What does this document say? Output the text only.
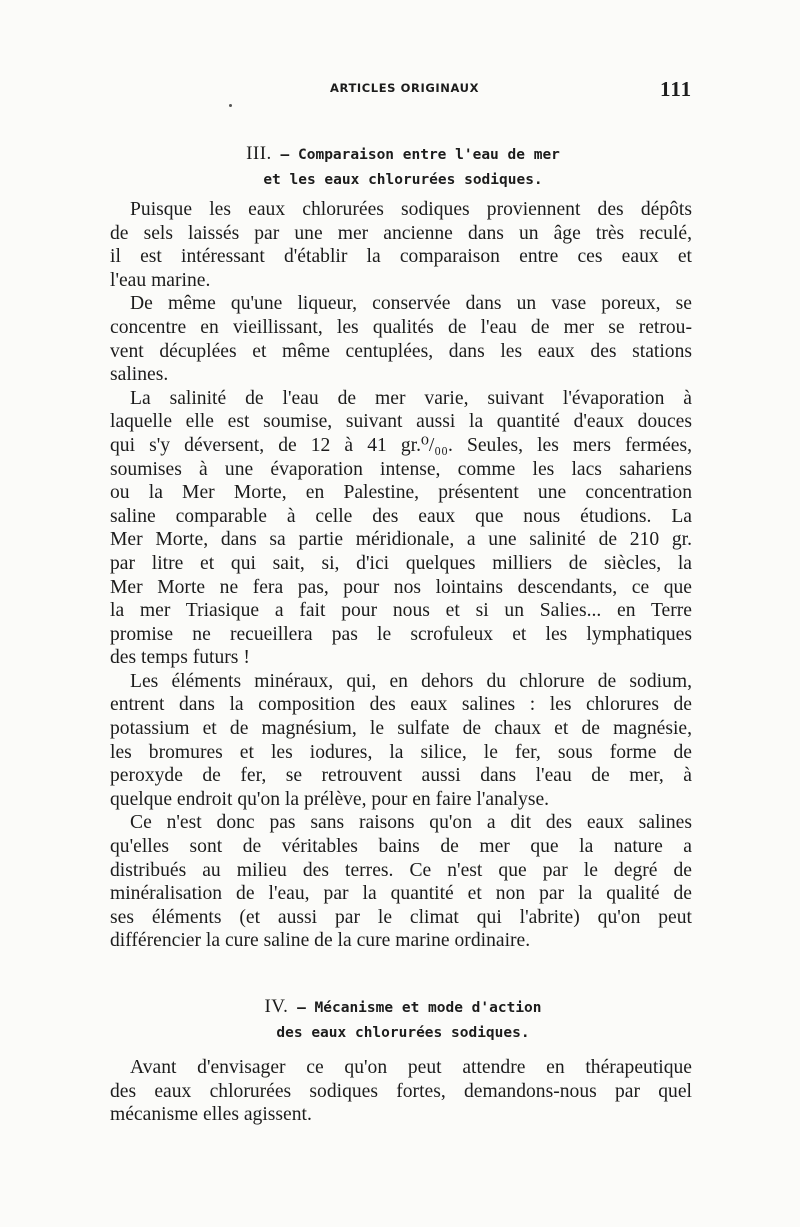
ARTICLES ORIGINAUX	111
III. — Comparaison entre l'eau de mer
et les eaux chlorurées sodiques.

Puisque les eaux chlorurées sodiques proviennent des dépôts
de sels laissés par une mer ancienne dans un âge très reculé,
il est intéressant d'établir la comparaison entre ces eaux et
l'eau marine.

De même qu'une liqueur, conservée dans un vase poreux, se
concentre en vieillissant, les qualités de l'eau de mer se retrou-
vent décuplées et même centuplées, dans les eaux des stations
salines.

La salinité de l'eau de mer varie, suivant l'évaporation à
laquelle elle est soumise, suivant aussi la quantité d'eaux douces
qui s'y déversent, de 12 à 41 gr.⁰/₀₀. Seules, les mers fermées,
soumises à une évaporation intense, comme les lacs sahariens
ou la Mer Morte, en Palestine, présentent une concentration
saline comparable à celle des eaux que nous étudions. La
Mer Morte, dans sa partie méridionale, a une salinité de 210 gr.
par litre et qui sait, si, d'ici quelques milliers de siècles, la
Mer Morte ne fera pas, pour nos lointains descendants, ce que
la mer Triasique a fait pour nous et si un Salies... en Terre
promise ne recueillera pas le scrofuleux et les lymphatiques
des temps futurs !

Les éléments minéraux, qui, en dehors du chlorure de sodium,
entrent dans la composition des eaux salines : les chlorures de
potassium et de magnésium, le sulfate de chaux et de magnésie,
les bromures et les iodures, la silice, le fer, sous forme de
peroxyde de fer, se retrouvent aussi dans l'eau de mer, à
quelque endroit qu'on la prélève, pour en faire l'analyse.

Ce n'est donc pas sans raisons qu'on a dit des eaux salines
qu'elles sont de véritables bains de mer que la nature a
distribués au milieu des terres. Ce n'est que par le degré de
minéralisation de l'eau, par la quantité et non par la qualité de
ses éléments (et aussi par le climat qui l'abrite) qu'on peut
différencier la cure saline de la cure marine ordinaire.

IV. — Mécanisme et mode d'action
des eaux chlorurées sodiques.

Avant d'envisager ce qu'on peut attendre en thérapeutique
des eaux chlorurées sodiques fortes, demandons-nous par quel
mécanisme elles agissent.
